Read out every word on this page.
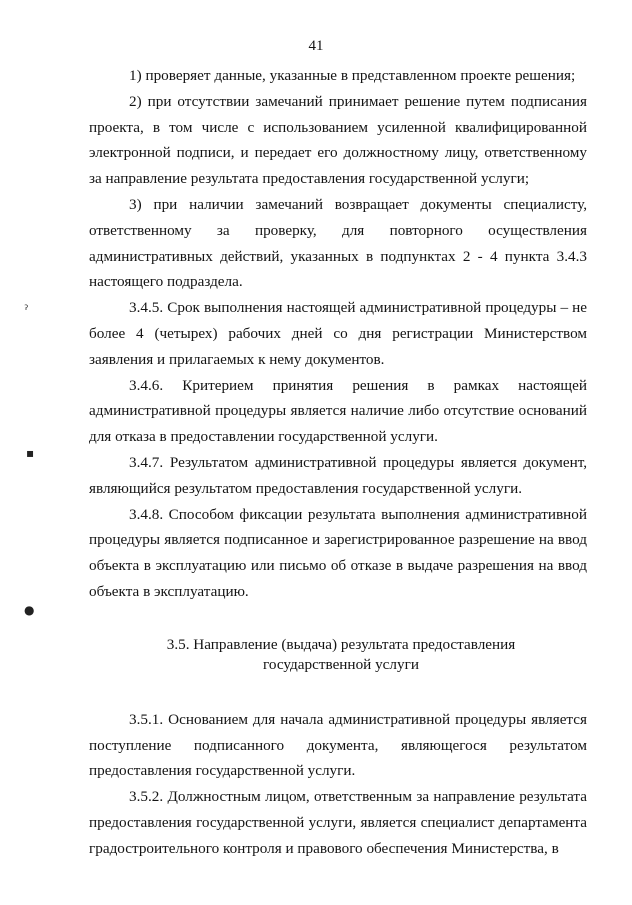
41
ˀ
▪
●

1) проверяет данные, указанные в представленном проекте решения;

2) при отсутствии замечаний принимает решение путем подписания проекта, в том числе с использованием усиленной квалифицированной электронной подписи, и передает его должностному лицу, ответственному за направление результата предоставления государственной услуги;

3) при наличии замечаний возвращает документы специалисту, ответственному за проверку, для повторного осуществления административных действий, указанных в подпунктах 2 - 4 пункта 3.4.3 настоящего подраздела.

3.4.5. Срок выполнения настоящей административной процедуры – не более 4 (четырех) рабочих дней со дня регистрации Министерством заявления и прилагаемых к нему документов.

3.4.6. Критерием принятия решения в рамках настоящей административной процедуры является наличие либо отсутствие оснований для отказа в предоставлении государственной услуги.

3.4.7. Результатом административной процедуры является документ, являющийся результатом предоставления государственной услуги.

3.4.8. Способом фиксации результата выполнения административной процедуры является подписанное и зарегистрированное разрешение на ввод объекта в эксплуатацию или письмо об отказе в выдаче разрешения на ввод объекта в эксплуатацию.

3.5. Направление (выдача) результата предоставления
государственной услуги

3.5.1. Основанием для начала административной процедуры является поступление подписанного документа, являющегося результатом предоставления государственной услуги.

3.5.2. Должностным лицом, ответственным за направление результата предоставления государственной услуги, является специалист департамента градостроительного контроля и правового обеспечения Министерства, в
